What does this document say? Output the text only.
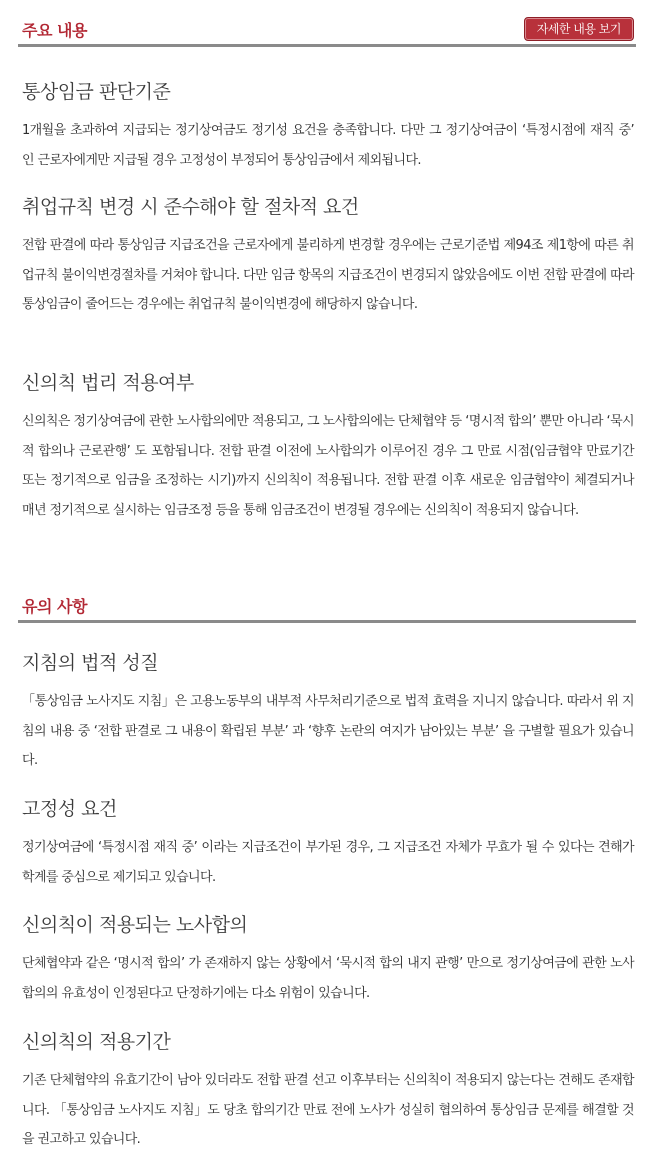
주요 내용	자세한 내용 보기
통상임금 판단기준

1개월을 초과하여 지급되는 정기상여금도 정기성 요건을 충족합니다. 다만 그 정기상여금이 ‘특정시점에 재직 중’ 인 근로자에게만 지급될 경우 고정성이 부정되어 통상임금에서 제외됩니다.

취업규칙 변경 시 준수해야 할 절차적 요건

전합 판결에 따라 통상임금 지급조건을 근로자에게 불리하게 변경할 경우에는 근로기준법 제94조 제1항에 따른 취업규칙 불이익변경절차를 거쳐야 합니다. 다만 임금 항목의 지급조건이 변경되지 않았음에도 이번 전합 판결에 따라 통상임금이 줄어드는 경우에는 취업규칙 불이익변경에 해당하지 않습니다.

신의칙 법리 적용여부

신의칙은 정기상여금에 관한 노사합의에만 적용되고, 그 노사합의에는 단체협약 등 ‘명시적 합의’ 뿐만 아니라 ‘묵시적 합의나 근로관행’ 도 포함됩니다. 전합 판결 이전에 노사합의가 이루어진 경우 그 만료 시점(임금협약 만료기간 또는 정기적으로 임금을 조정하는 시기)까지 신의칙이 적용됩니다. 전합 판결 이후 새로운 임금협약이 체결되거나 매년 정기적으로 실시하는 임금조정 등을 통해 임금조건이 변경될 경우에는 신의칙이 적용되지 않습니다.

유의 사항
지침의 법적 성질

「통상임금 노사지도 지침」은 고용노동부의 내부적 사무처리기준으로 법적 효력을 지니지 않습니다. 따라서 위 지침의 내용 중 ‘전합 판결로 그 내용이 확립된 부분’ 과 ‘향후 논란의 여지가 남아있는 부분’ 을 구별할 필요가 있습니다.

고정성 요건

정기상여금에 ‘특정시점 재직 중’ 이라는 지급조건이 부가된 경우, 그 지급조건 자체가 무효가 될 수 있다는 견해가 학계를 중심으로 제기되고 있습니다.

신의칙이 적용되는 노사합의

단체협약과 같은 ‘명시적 합의’ 가 존재하지 않는 상황에서 ‘묵시적 합의 내지 관행’ 만으로 정기상여금에 관한 노사합의의 유효성이 인정된다고 단정하기에는 다소 위험이 있습니다.

신의칙의 적용기간

기존 단체협약의 유효기간이 남아 있더라도 전합 판결 선고 이후부터는 신의칙이 적용되지 않는다는 견해도 존재합니다. 「통상임금 노사지도 지침」도 당초 합의기간 만료 전에 노사가 성실히 협의하여 통상임금 문제를 해결할 것을 권고하고 있습니다.
